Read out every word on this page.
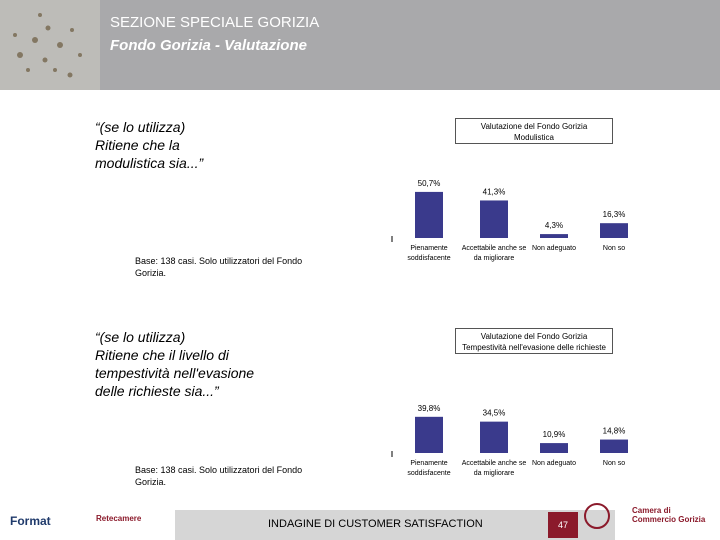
SEZIONE SPECIALE GORIZIA
Fondo Gorizia - Valutazione
“(se lo utilizza)
Ritiene che la
modulistica sia...”
Base: 138 casi. Solo utilizzatori del Fondo Gorizia.
“(se lo utilizza)
Ritiene che il livello di
tempestività nell'evasione
delle richieste sia...”
Base: 138 casi. Solo utilizzatori del Fondo Gorizia.
Valutazione del Fondo Gorizia
Modulistica
Valutazione del Fondo Gorizia
Tempestività nell'evasione delle richieste
50,7%
Pienamente
soddisfacente
41,3%
Accettabile anche se
da migliorare
4,3%
Non adeguato
16,3%
Non so
39,8%
Pienamente
soddisfacente
34,5%
Accettabile anche se
da migliorare
10,9%
Non adeguato
14,8%
Non so
INDAGINE DI CUSTOMER SATISFACTION	47
Format	Retecamere
Camera di Commercio Gorizia
